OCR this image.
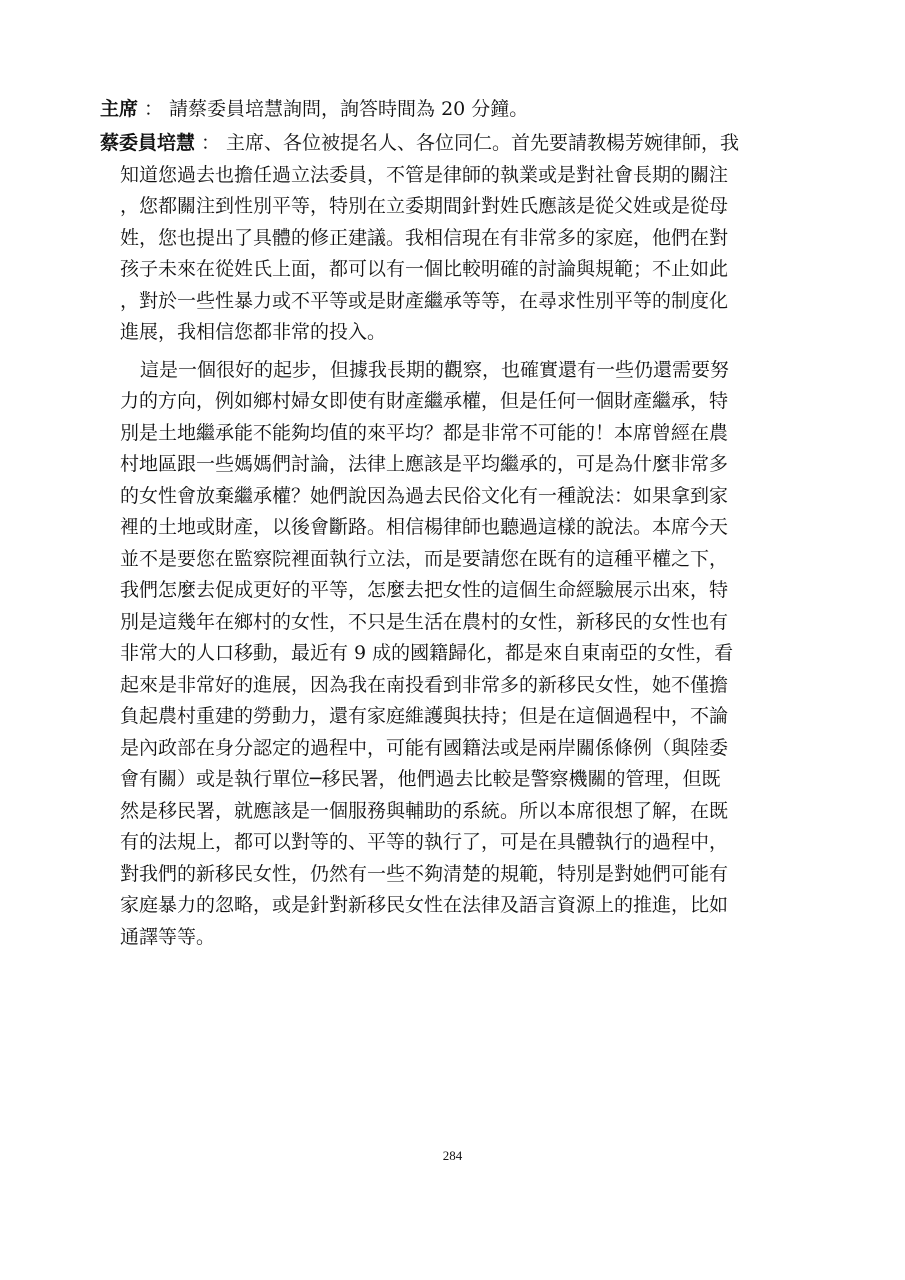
主席 ： 請蔡委員培慧詢問，詢答時間為 20 分鐘。
蔡委員培慧 ： 主席、各位被提名人、各位同仁。首先要請教楊芳婉律師，我
知道您過去也擔任過立法委員，不管是律師的執業或是對社會長期的關注
，您都關注到性別平等，特別在立委期間針對姓氏應該是從父姓或是從母
姓，您也提出了具體的修正建議。我相信現在有非常多的家庭，他們在對
孩子未來在從姓氏上面，都可以有一個比較明確的討論與規範；不止如此
，對於一些性暴力或不平等或是財產繼承等等，在尋求性別平等的制度化
進展，我相信您都非常的投入。
這是一個很好的起步，但據我長期的觀察，也確實還有一些仍還需要努
力的方向，例如鄉村婦女即使有財產繼承權，但是任何一個財產繼承，特
別是土地繼承能不能夠均值的來平均？都是非常不可能的！本席曾經在農
村地區跟一些媽媽們討論，法律上應該是平均繼承的，可是為什麼非常多
的女性會放棄繼承權？她們說因為過去民俗文化有一種說法：如果拿到家
裡的土地或財產，以後會斷路。相信楊律師也聽過這樣的說法。本席今天
並不是要您在監察院裡面執行立法，而是要請您在既有的這種平權之下，
我們怎麼去促成更好的平等，怎麼去把女性的這個生命經驗展示出來，特
別是這幾年在鄉村的女性，不只是生活在農村的女性，新移民的女性也有
非常大的人口移動，最近有 9 成的國籍歸化，都是來自東南亞的女性，看
起來是非常好的進展，因為我在南投看到非常多的新移民女性，她不僅擔
負起農村重建的勞動力，還有家庭維護與扶持；但是在這個過程中，不論
是內政部在身分認定的過程中，可能有國籍法或是兩岸關係條例（與陸委
會有關）或是執行單位─移民署，他們過去比較是警察機關的管理，但既
然是移民署，就應該是一個服務與輔助的系統。所以本席很想了解，在既
有的法規上，都可以對等的、平等的執行了，可是在具體執行的過程中，
對我們的新移民女性，仍然有一些不夠清楚的規範，特別是對她們可能有
家庭暴力的忽略，或是針對新移民女性在法律及語言資源上的推進，比如
通譯等等。
284
